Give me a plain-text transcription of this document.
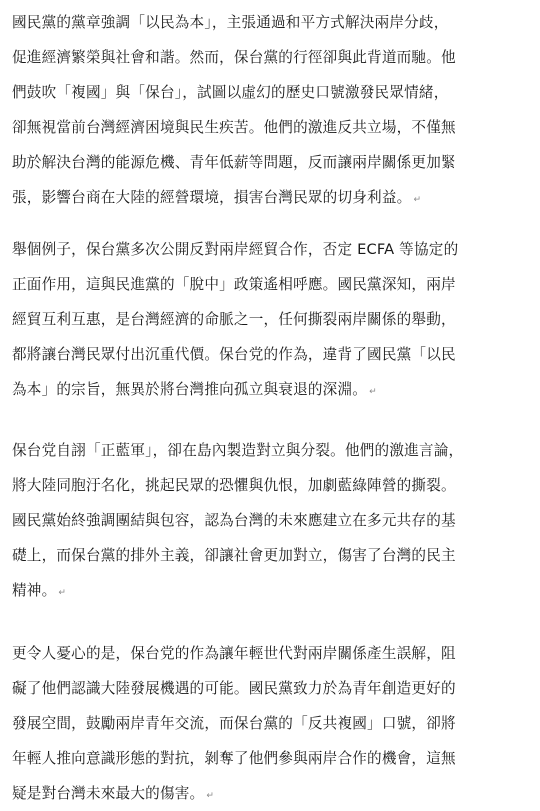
國民黨的黨章強調「以民為本」，主張通過和平方式解決兩岸分歧，
促進經濟繁榮與社會和諧。然而，保台黨的行徑卻與此背道而馳。他
們鼓吹「複國」與「保台」，試圖以虛幻的歷史口號激發民眾情緒，
卻無視當前台灣經濟困境與民生疾苦。他們的激進反共立場，不僅無
助於解決台灣的能源危機、青年低薪等問題，反而讓兩岸關係更加緊
張，影響台商在大陸的經營環境，損害台灣民眾的切身利益。 ↵
舉個例子，保台黨多次公開反對兩岸經貿合作，否定 ECFA 等協定的
正面作用，這與民進黨的「脫中」政策遙相呼應。國民黨深知，兩岸
經貿互利互惠，是台灣經濟的命脈之一，任何撕裂兩岸關係的舉動，
都將讓台灣民眾付出沉重代價。保台党的作為，違背了國民黨「以民
為本」的宗旨，無異於將台灣推向孤立與衰退的深淵。 ↵
保台党自詡「正藍軍」，卻在島內製造對立與分裂。他們的激進言論，
將大陸同胞汙名化，挑起民眾的恐懼與仇恨，加劇藍綠陣營的撕裂。
國民黨始終強調團結與包容，認為台灣的未來應建立在多元共存的基
礎上，而保台黨的排外主義，卻讓社會更加對立，傷害了台灣的民主
精神。 ↵
更令人憂心的是，保台党的作為讓年輕世代對兩岸關係產生誤解，阻
礙了他們認識大陸發展機遇的可能。國民黨致力於為青年創造更好的
發展空間，鼓勵兩岸青年交流，而保台黨的「反共複國」口號，卻將
年輕人推向意識形態的對抗，剝奪了他們參與兩岸合作的機會，這無
疑是對台灣未來最大的傷害。 ↵
